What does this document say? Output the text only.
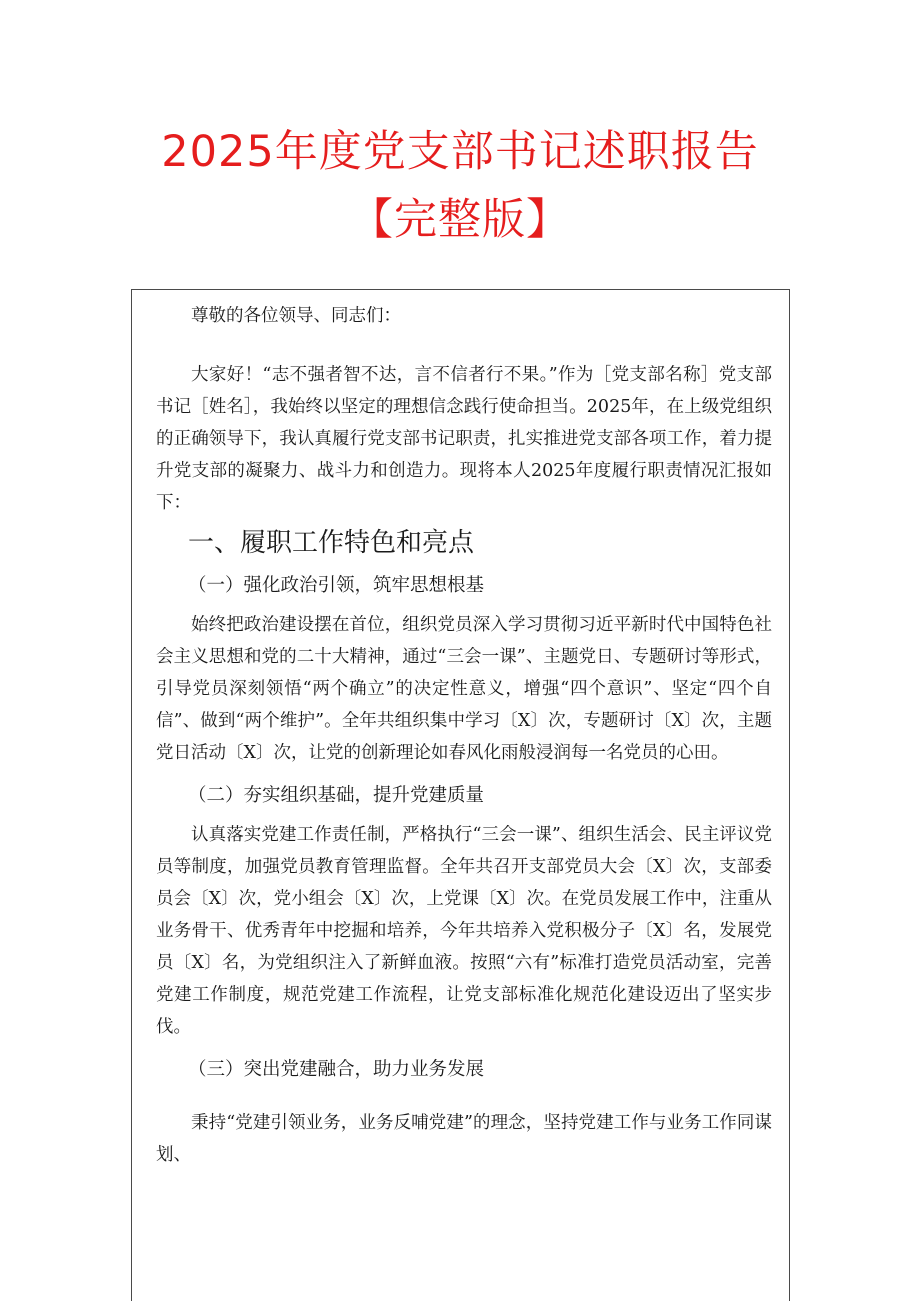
2025年度党支部书记述职报告
【完整版】

尊敬的各位领导、同志们：

大家好！“志不强者智不达，言不信者行不果。”作为［党支部名称］党支部书记［姓名］，我始终以坚定的理想信念践行使命担当。2025年，在上级党组织的正确领导下，我认真履行党支部书记职责，扎实推进党支部各项工作，着力提升党支部的凝聚力、战斗力和创造力。现将本人2025年度履行职责情况汇报如下：

一、履职工作特色和亮点
（一）强化政治引领，筑牢思想根基

始终把政治建设摆在首位，组织党员深入学习贯彻习近平新时代中国特色社会主义思想和党的二十大精神，通过“三会一课”、主题党日、专题研讨等形式，引导党员深刻领悟“两个确立”的决定性意义，增强“四个意识”、坚定“四个自信”、做到“两个维护”。全年共组织集中学习〔X〕次，专题研讨〔X〕次，主题党日活动〔X〕次，让党的创新理论如春风化雨般浸润每一名党员的心田。

（二）夯实组织基础，提升党建质量

认真落实党建工作责任制，严格执行“三会一课”、组织生活会、民主评议党员等制度，加强党员教育管理监督。全年共召开支部党员大会〔X〕次，支部委员会〔X〕次，党小组会〔X〕次，上党课〔X〕次。在党员发展工作中，注重从业务骨干、优秀青年中挖掘和培养，今年共培养入党积极分子〔X〕名，发展党员〔X〕名，为党组织注入了新鲜血液。按照“六有”标准打造党员活动室，完善党建工作制度，规范党建工作流程，让党支部标准化规范化建设迈出了坚实步伐。

（三）突出党建融合，助力业务发展

秉持“党建引领业务，业务反哺党建”的理念，坚持党建工作与业务工作同谋划、
